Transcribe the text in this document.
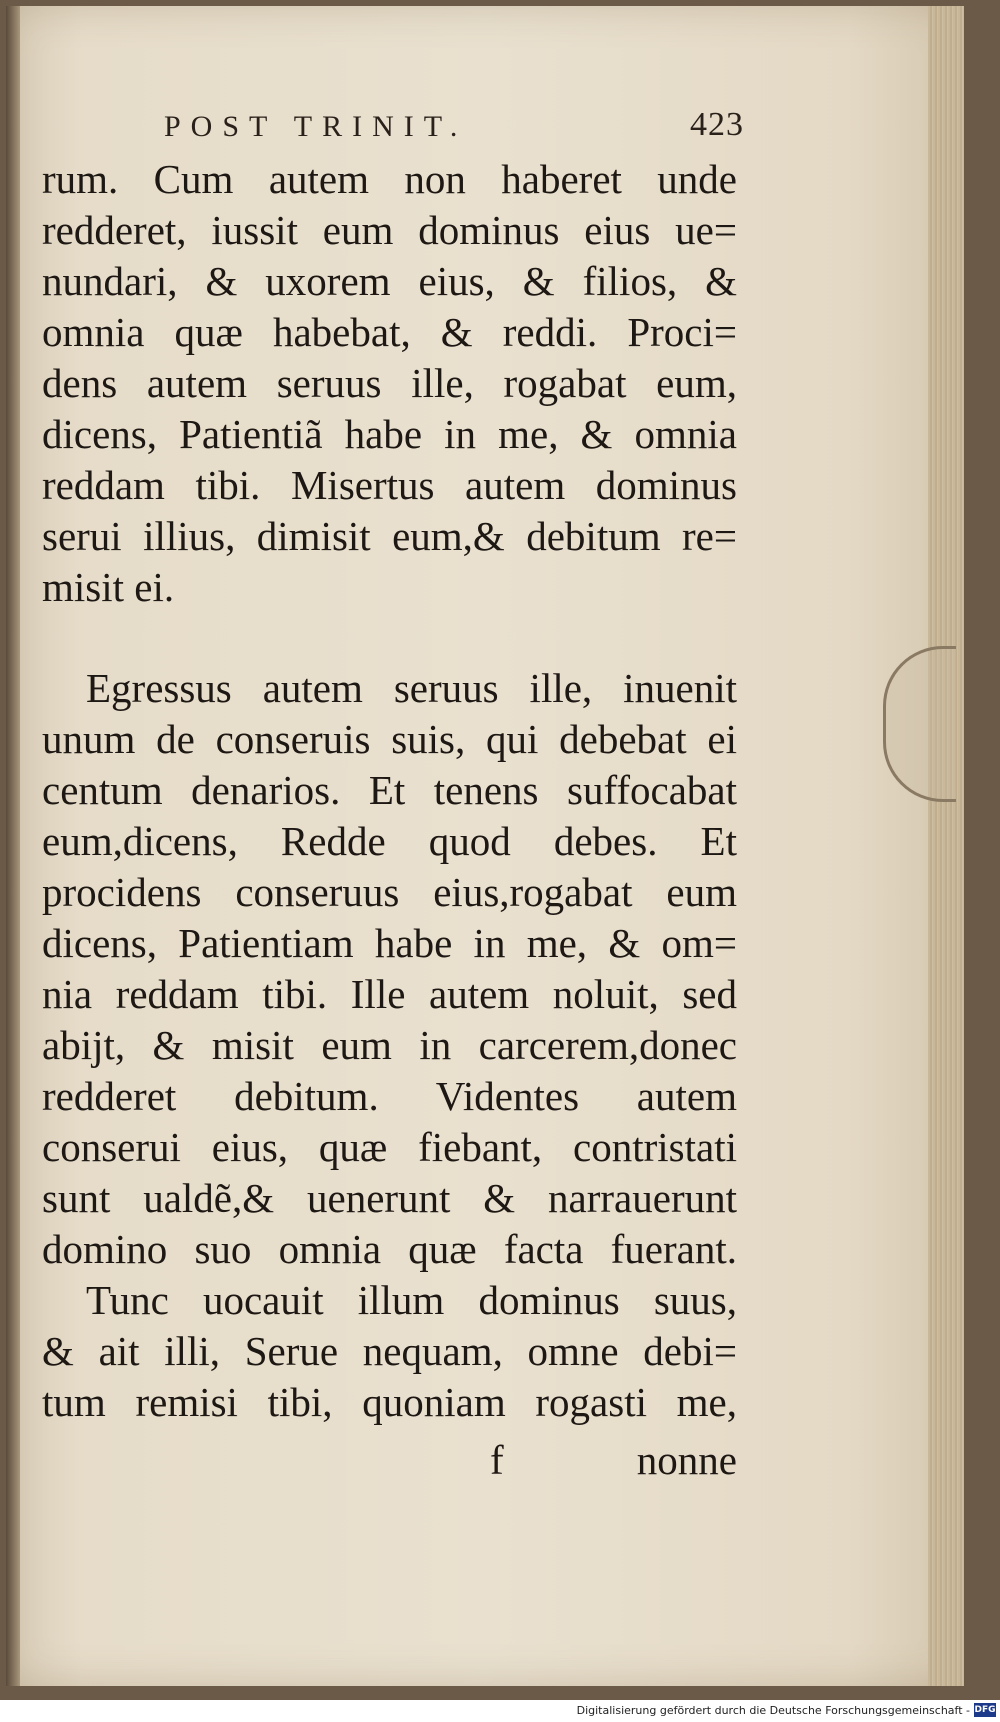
POST TRINIT.	423
rum. Cum autem non haberet unde
redderet, iussit eum dominus eius ue=
nundari, & uxorem eius, & filios, &
omnia quæ habebat, & reddi. Proci=
dens autem seruus ille, rogabat eum,
dicens, Patientiã habe in me, & omnia
reddam tibi. Misertus autem dominus
serui illius, dimisit eum,& debitum re=
misit ei.
Egressus autem seruus ille, inuenit
unum de conseruis suis, qui debebat ei
centum denarios. Et tenens suffocabat
eum,dicens, Redde quod debes. Et
procidens conseruus eius,rogabat eum
dicens, Patientiam habe in me, & om=
nia reddam tibi. Ille autem noluit, sed
abijt, & misit eum in carcerem,donec
redderet debitum. Videntes autem
conserui eius, quæ fiebant, contristati
sunt ualdẽ,& uenerunt & narrauerunt
domino suo omnia quæ facta fuerant.
Tunc uocauit illum dominus suus,
& ait illi, Serue nequam, omne debi=
tum remisi tibi, quoniam rogasti me,
f	nonne
Digitalisierung gefördert durch die Deutsche Forschungsgemeinschaft - DFG
